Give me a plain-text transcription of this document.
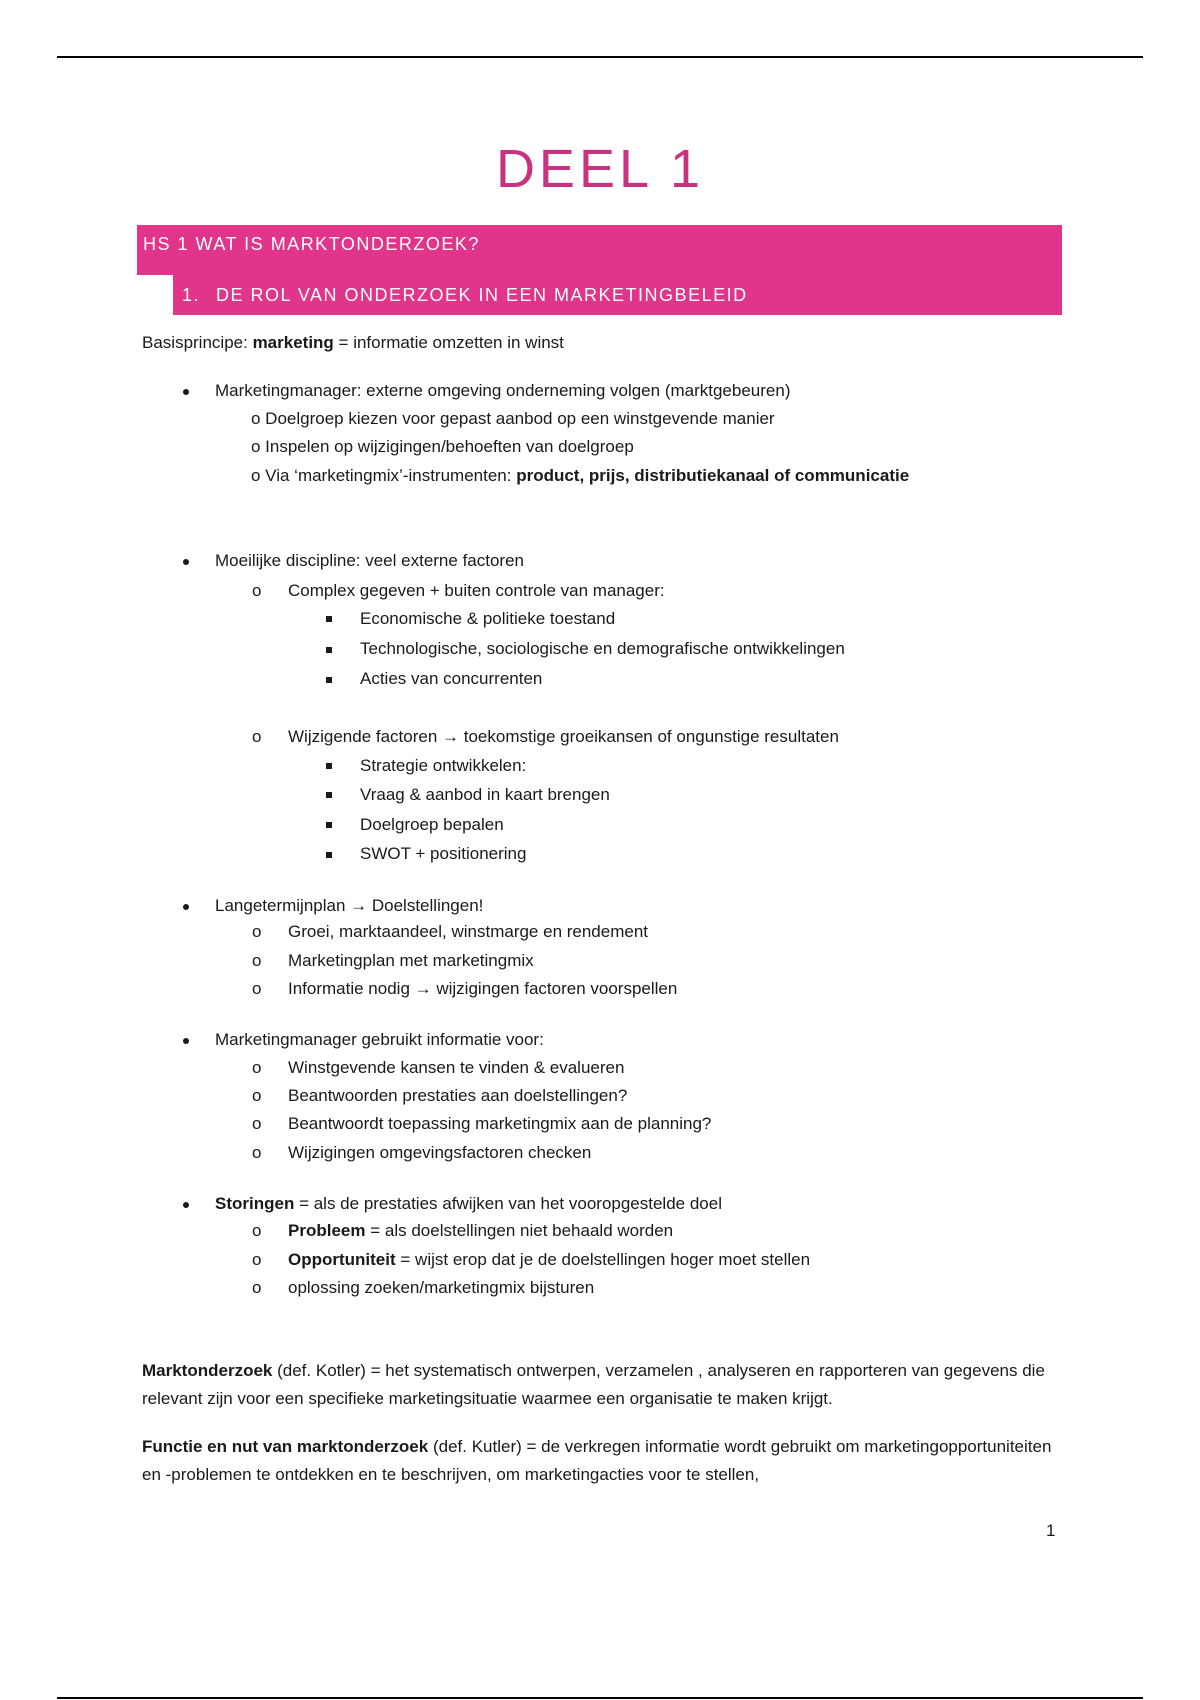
DEEL 1
HS 1 WAT IS MARKTONDERZOEK?
1. DE ROL VAN ONDERZOEK IN EEN MARKETINGBELEID
Basisprincipe: marketing = informatie omzetten in winst
Marketingmanager: externe omgeving onderneming volgen (marktgebeuren)
o Doelgroep kiezen voor gepast aanbod op een winstgevende manier
o Inspelen op wijzigingen/behoeften van doelgroep
o Via ‘marketingmix’-instrumenten: product, prijs, distributiekanaal of communicatie
Moeilijke discipline: veel externe factoren
o Complex gegeven + buiten controle van manager:
Economische & politieke toestand
Technologische, sociologische en demografische ontwikkelingen
Acties van concurrenten
o Wijzigende factoren → toekomstige groeikansen of ongunstige resultaten
Strategie ontwikkelen:
Vraag & aanbod in kaart brengen
Doelgroep bepalen
SWOT + positionering
Langetermijnplan → Doelstellingen!
o Groei, marktaandeel, winstmarge en rendement
o Marketingplan met marketingmix
o Informatie nodig → wijzigingen factoren voorspellen
Marketingmanager gebruikt informatie voor:
o Winstgevende kansen te vinden & evalueren
o Beantwoorden prestaties aan doelstellingen?
o Beantwoordt toepassing marketingmix aan de planning?
o Wijzigingen omgevingsfactoren checken
Storingen = als de prestaties afwijken van het vooropgestelde doel
o Probleem = als doelstellingen niet behaald worden
o Opportuniteit = wijst erop dat je de doelstellingen hoger moet stellen
o oplossing zoeken/marketingmix bijsturen
Marktonderzoek (def. Kotler) = het systematisch ontwerpen, verzamelen , analyseren en rapporteren van gegevens die relevant zijn voor een specifieke marketingsituatie waarmee een organisatie te maken krijgt.
Functie en nut van marktonderzoek (def. Kutler) = de verkregen informatie wordt gebruikt om marketingopportuniteiten en -problemen te ontdekken en te beschrijven, om marketingacties voor te stellen,
1
